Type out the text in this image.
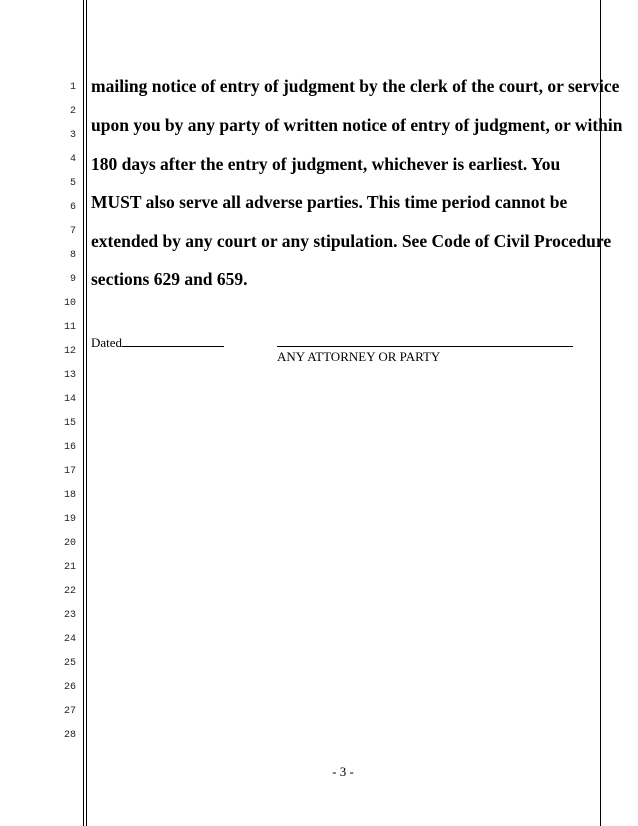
1
2
3
4
5
6
7
8
9
10
11
12
13
14
15
16
17
18
19
20
21
22
23
24
25
26
27
28
mailing notice of entry of judgment by the clerk of the court, or service
upon you by any party of written notice of entry of judgment, or within
180 days after the entry of judgment, whichever is earliest. You
MUST also serve all adverse parties. This time period cannot be
extended by any court or any stipulation. See Code of Civil Procedure
sections 629 and 659.
Dated
ANY ATTORNEY OR PARTY
- 3 -
